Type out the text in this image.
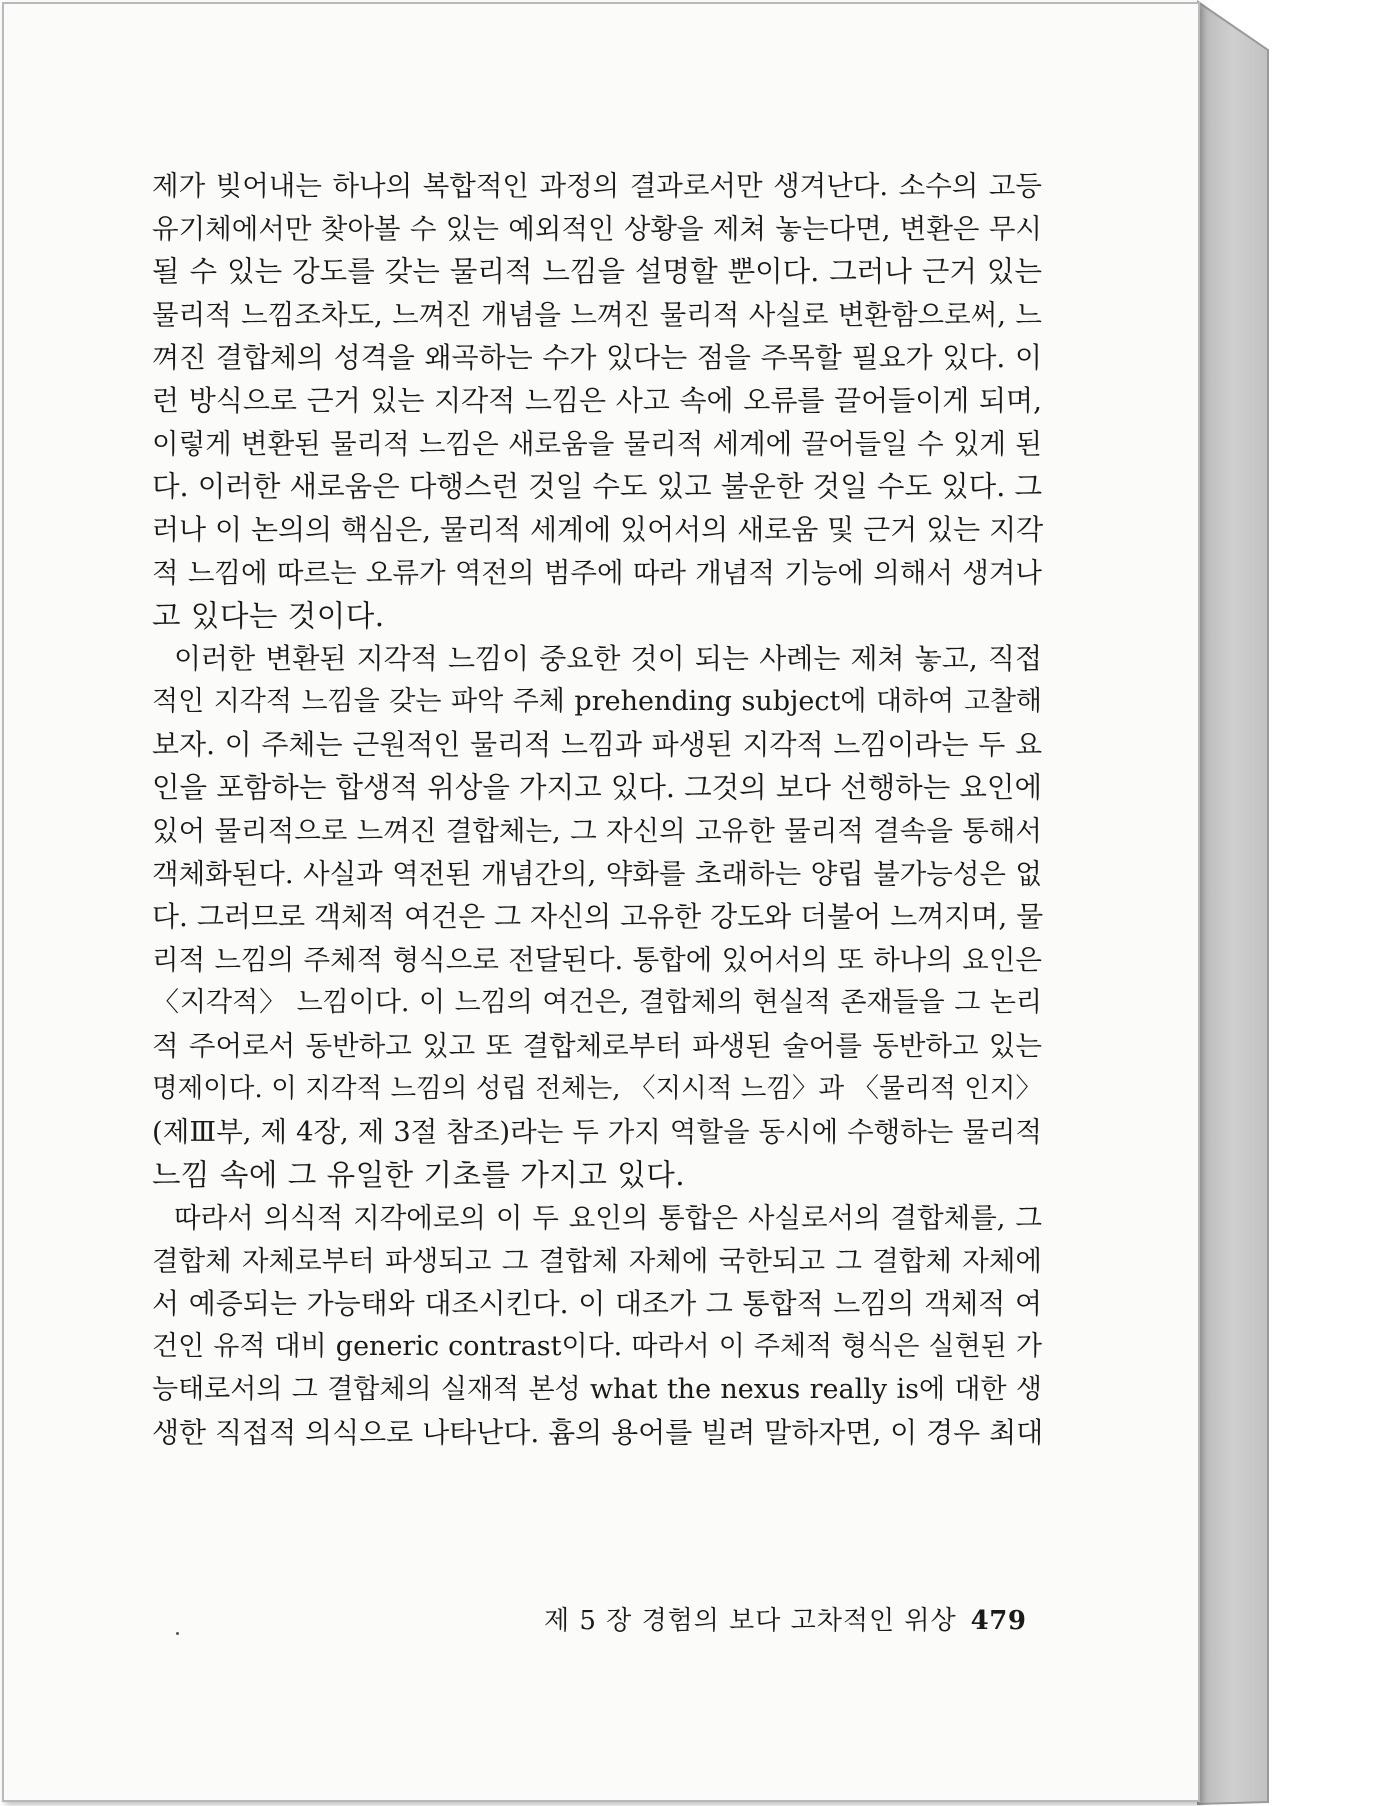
제가 빚어내는 하나의 복합적인 과정의 결과로서만 생겨난다. 소수의 고등
유기체에서만 찾아볼 수 있는 예외적인 상황을 제쳐 놓는다면, 변환은 무시
될 수 있는 강도를 갖는 물리적 느낌을 설명할 뿐이다. 그러나 근거 있는
물리적 느낌조차도, 느껴진 개념을 느껴진 물리적 사실로 변환함으로써, 느
껴진 결합체의 성격을 왜곡하는 수가 있다는 점을 주목할 필요가 있다. 이
런 방식으로 근거 있는 지각적 느낌은 사고 속에 오류를 끌어들이게 되며,
이렇게 변환된 물리적 느낌은 새로움을 물리적 세계에 끌어들일 수 있게 된
다. 이러한 새로움은 다행스런 것일 수도 있고 불운한 것일 수도 있다. 그
러나 이 논의의 핵심은, 물리적 세계에 있어서의 새로움 및 근거 있는 지각
적 느낌에 따르는 오류가 역전의 범주에 따라 개념적 기능에 의해서 생겨나
고 있다는 것이다.
이러한 변환된 지각적 느낌이 중요한 것이 되는 사례는 제쳐 놓고, 직접
적인 지각적 느낌을 갖는 파악 주체 prehending subject에 대하여 고찰해
보자. 이 주체는 근원적인 물리적 느낌과 파생된 지각적 느낌이라는 두 요
인을 포함하는 합생적 위상을 가지고 있다. 그것의 보다 선행하는 요인에
있어 물리적으로 느껴진 결합체는, 그 자신의 고유한 물리적 결속을 통해서
객체화된다. 사실과 역전된 개념간의, 약화를 초래하는 양립 불가능성은 없
다. 그러므로 객체적 여건은 그 자신의 고유한 강도와 더불어 느껴지며, 물
리적 느낌의 주체적 형식으로 전달된다. 통합에 있어서의 또 하나의 요인은
〈지각적〉 느낌이다. 이 느낌의 여건은, 결합체의 현실적 존재들을 그 논리
적 주어로서 동반하고 있고 또 결합체로부터 파생된 술어를 동반하고 있는
명제이다. 이 지각적 느낌의 성립 전체는, 〈지시적 느낌〉과 〈물리적 인지〉
(제Ⅲ부, 제 4장, 제 3절 참조)라는 두 가지 역할을 동시에 수행하는 물리적
느낌 속에 그 유일한 기초를 가지고 있다.
따라서 의식적 지각에로의 이 두 요인의 통합은 사실로서의 결합체를, 그
결합체 자체로부터 파생되고 그 결합체 자체에 국한되고 그 결합체 자체에
서 예증되는 가능태와 대조시킨다. 이 대조가 그 통합적 느낌의 객체적 여
건인 유적 대비 generic contrast이다. 따라서 이 주체적 형식은 실현된 가
능태로서의 그 결합체의 실재적 본성 what the nexus really is에 대한 생
생한 직접적 의식으로 나타난다. 흄의 용어를 빌려 말하자면, 이 경우 최대
제 5 장 경험의 보다 고차적인 위상 479
